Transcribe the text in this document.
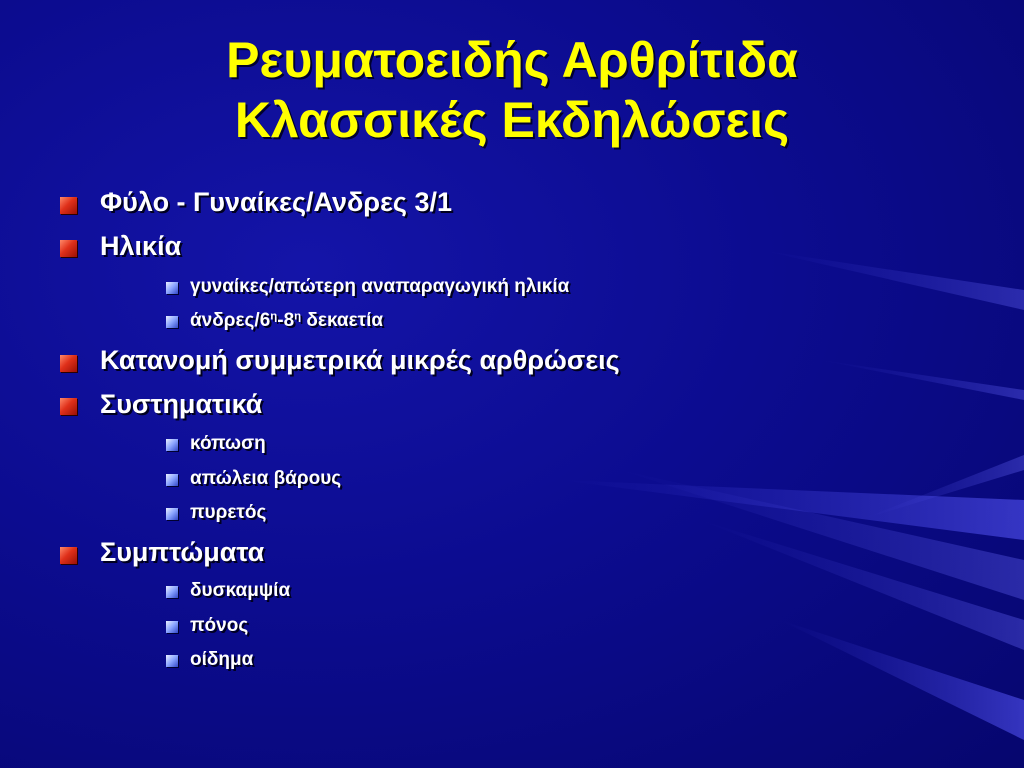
Ρευματοειδής Αρθρίτιδα
Κλασσικές Εκδηλώσεις
Φύλο - Γυναίκες/Ανδρες 3/1
Ηλικία
γυναίκες/απώτερη αναπαραγωγική ηλικία
άνδρες/$6^\eta-8^\eta$ δεκαετία
Κατανομή συμμετρικά μικρές αρθρώσεις
Συστηματικά
κόπωση
απώλεια βάρους
πυρετός
Συμπτώματα
δυσκαμψία
πόνος
οίδημα
